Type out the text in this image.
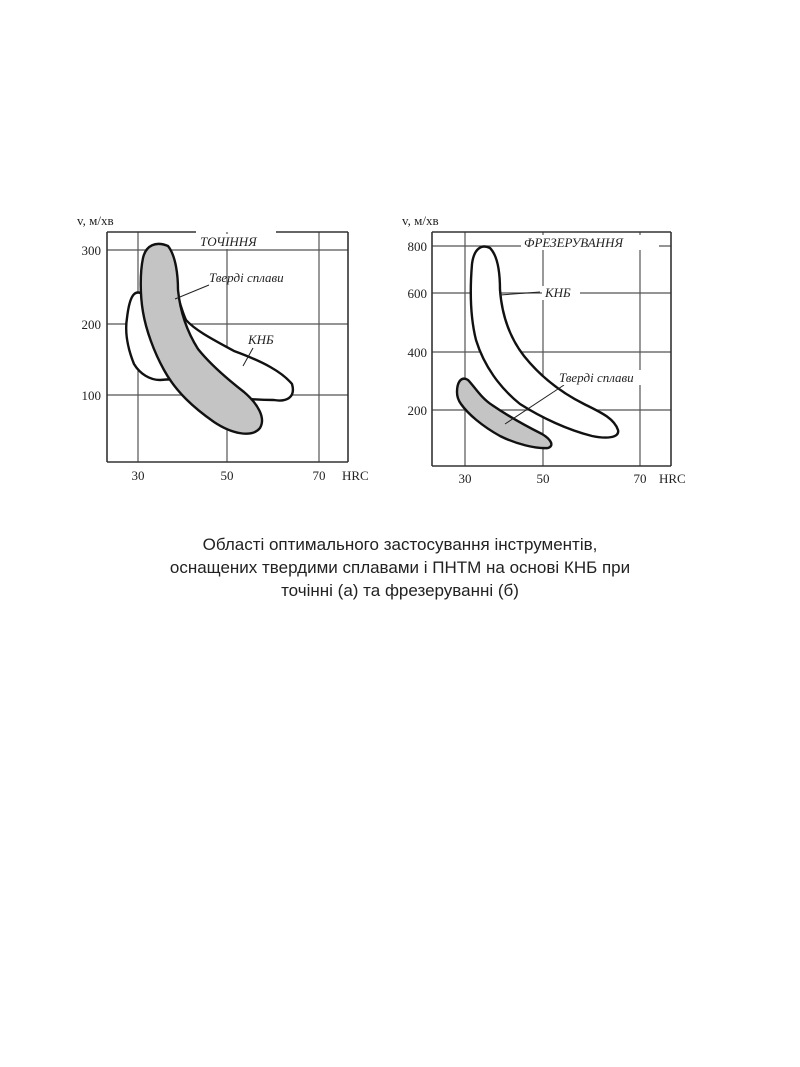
v, м/хв
HRC
300
200
100
30	50	70
ТОЧІННЯ
Тверді сплави
КНБ
v, м/хв
HRC
800
600
400
200
30	50	70
ФРЕЗЕРУВАННЯ
КНБ
Тверді сплави
Області оптимального застосування інструментів,
оснащених твердими сплавами і ПНТМ на основі КНБ при
точінні (а) та фрезеруванні (б)
